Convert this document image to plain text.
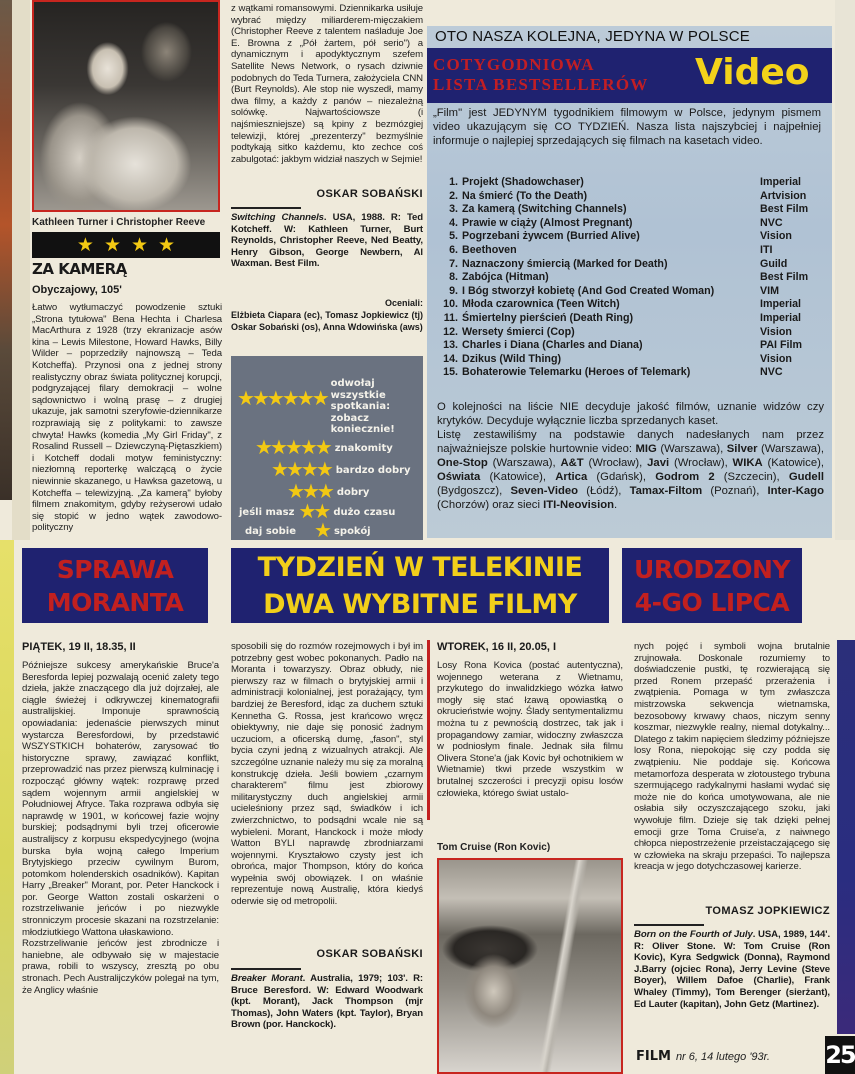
Kathleen Turner i Christopher Reeve
★ ★ ★ ★
ZA KAMERĄ
Obyczajowy, 105'
Łatwo wytłumaczyć powodzenie sztuki „Strona tytułowa" Bena Hechta i Charlesa MacArthura z 1928 (trzy ekranizacje asów kina – Lewis Milestone, Howard Hawks, Billy Wilder – poprzedziły najnowszą – Teda Kotcheffa). Przynosi ona z jednej strony realistyczny obraz świata politycznej korupcji, podgryzającej filary demokracji – wolne sądownictwo i wolną prasę – z drugiej ukazuje, jak samotni szeryfowie-dziennikarze rozprawiają się z politykami: to zawsze chwyta! Hawks (komedia „My Girl Friday", z Rosalind Russell – Dziewczyną-Piętaszkiem) i Kotcheff dodali motyw feministyczny: niezłomną reporterkę walczącą o życie niewinnie skazanego, u Hawksa gazetową, u Kotcheffa – telewizyjną. „Za kamerą" byłoby filmem znakomitym, gdyby reżyserowi udało się stopić w jedno wątek zawodowo-polityczny
z wątkami romansowymi. Dziennikarka usiłuje wybrać między miliarderem-mięczakiem (Christopher Reeve z talentem naśladuje Joe E. Browna z „Pół żartem, pół serio") a dynamicznym i apodyktycznym szefem Satellite News Network, o rysach dziwnie podobnych do Teda Turnera, założyciela CNN (Burt Reynolds). Ale stop nie wyszedł, mamy dwa filmy, a każdy z panów – niezależną solówkę. Najwartościowsze (i najśmieszniejsze) są kpiny z bezmózgiej telewizji, której „prezenterzy" bezmyślnie podtykają sitko każdemu, kto zechce coś zabulgotać: jakbym widział naszych w Sejmie!
OSKAR SOBAŃSKI
Switching Channels. USA, 1988. R: Ted Kotcheff. W: Kathleen Turner, Burt Reynolds, Christopher Reeve, Ned Beatty, Henry Gibson, George Newbern, Al Waxman. Best Film.
Oceniali:
Elżbieta Ciapara (ec), Tomasz Jopkiewicz (tj) Oskar Sobański (os), Anna Wdowińska (aws)
★★★★★★
odwołaj wszystkie spotkania: zobacz koniecznie!
★★★★★ znakomity
★★★★ bardzo dobry
★★★ dobry
jeśli masz ★★ dużo czasu
daj sobie ★ spokój
OTO NASZA KOLEJNA, JEDYNA W POLSCE
COTYGODNIOWA
LISTA BESTSELLERÓW Video
„Film" jest JEDYNYM tygodnikiem filmowym w Polsce, jedynym pismem video ukazującym się CO TYDZIEŃ. Nasza lista najszybciej i najpełniej informuje o najlepiej sprzedających się filmach na kasetach video.
1. Projekt (Shadowchaser)	Imperial
2. Na śmierć (To the Death)	Artvision
3. Za kamerą (Switching Channels)	Best Film
4. Prawie w ciąży (Almost Pregnant)	NVC
5. Pogrzebani żywcem (Burried Alive)	Vision
6. Beethoven	ITI
7. Naznaczony śmiercią (Marked for Death)	Guild
8. Zabójca (Hitman)	Best Film
9. I Bóg stworzył kobietę (And God Created Woman)	VIM
10. Młoda czarownica (Teen Witch)	Imperial
11. Śmiertelny pierścień (Death Ring)	Imperial
12. Wersety śmierci (Cop)	Vision
13. Charles i Diana (Charles and Diana)	PAI Film
14. Dzikus (Wild Thing)	Vision
15. Bohaterowie Telemarku (Heroes of Telemark)	NVC
O kolejności na liście NIE decyduje jakość filmów, uznanie widzów czy krytyków. Decyduje wyłącznie liczba sprzedanych kaset.
Listę zestawiliśmy na podstawie danych nadesłanych nam przez najważniejsze polskie hurtownie video: MIG (Warszawa), Silver (Warszawa), One-Stop (Warszawa), A&T (Wrocław), Javi (Wrocław), WIKA (Katowice), Oświata (Katowice), Artica (Gdańsk), Godrom 2 (Szczecin), Gudell (Bydgoszcz), Seven-Video (Łódź), Tamax-Filtom (Poznań), Inter-Kago (Chorzów) oraz sieci ITI-Neovision.
SPRAWA
MORANTA
TYDZIEŃ W TELEKINIE
DWA WYBITNE FILMY
URODZONY
4-GO LIPCA
PIĄTEK, 19 II, 18.35, II
Późniejsze sukcesy amerykańskie Bruce'a Beresforda lepiej pozwalają ocenić zalety tego dzieła, jakże znaczącego dla już dojrzałej, ale ciągle świeżej i odkrywczej kinematografii australijskiej. Imponuje sprawnością opowiadania: jedenaście pierwszych minut wystarcza Beresfordowi, by przedstawić WSZYSTKICH bohaterów, zarysować tło historyczne sprawy, zawiązać konflikt, przeprowadzić nas przez pierwszą kulminację i rozpocząć główny wątek: rozprawę przed sądem wojennym armii angielskiej w Południowej Afryce. Taka rozprawa odbyła się naprawdę w 1901, w końcowej fazie wojny burskiej; podsądnymi byli trzej oficerowie australijscy z korpusu ekspedycyjnego (wojna burska była wojną całego Imperium Brytyjskiego przeciw cywilnym Burom, potomkom holenderskich osadników). Kapitan Harry „Breaker" Morant, por. Peter Hanckock i por. George Watton zostali oskarżeni o rozstrzeliwanie jeńców i po niezwykle stronniczym procesie skazani na rozstrzelanie: młodziutkiego Wattona ułaskawiono.
Rozstrzeliwanie jeńców jest zbrodnicze i haniebne, ale odbywało się w majestacie prawa, robili to wszyscy, zresztą po obu stronach. Pech Australijczyków polegał na tym, że Anglicy właśnie
sposobili się do rozmów rozejmowych i był im potrzebny gest wobec pokonanych. Padło na Moranta i towarzyszy. Obraz obłudy, nie pierwszy raz w filmach o brytyjskiej armii i administracji kolonialnej, jest porażający, tym bardziej że Beresford, idąc za duchem sztuki Kennetha G. Rossa, jest krańcowo wręcz obiektywny, nie daje się ponosić żadnym uczuciom, a oficerską dumę, „fason", styl bycia czyni jedną z wizualnych atrakcji. Ale szczególne uznanie należy mu się za moralną konstrukcję dzieła. Jeśli bowiem „czarnym charakterem" filmu jest zbiorowy militarystyczny duch angielskiej armii ucieleśniony przez sąd, świadków i ich zwierzchnictwo, to podsądni wcale nie są wybieleni. Morant, Hanckock i może młody Watton BYLI naprawdę zbrodniarzami wojennymi. Kryształowo czysty jest ich obrońca, major Thompson, który do końca wypełnia swój obowiązek. I on właśnie reprezentuje nową Australię, która kiedyś oderwie się od metropolii.
OSKAR SOBAŃSKI
Breaker Morant. Australia, 1979; 103'. R: Bruce Beresford. W: Edward Woodwark (kpt. Morant), Jack Thompson (mjr Thomas), John Waters (kpt. Taylor), Bryan Brown (por. Hanckock).
WTOREK, 16 II, 20.05, I
Losy Rona Kovica (postać autentyczna), wojennego weterana z Wietnamu, przykutego do inwalidzkiego wózka łatwo mogły się stać łzawą opowiastką o okrucieństwie wojny. Ślady sentymentalizmu można tu z pewnością dostrzec, tak jak i propagandowy zamiar, widoczny zwłaszcza w podniosłym finale. Jednak siła filmu Olivera Stone'a (jak Kovic był ochotnikiem w Wietnamie) tkwi przede wszystkim w brutalnej szczerości i precyzji opisu losów człowieka, którego świat ustalo-
Tom Cruise (Ron Kovic)
nych pojęć i symboli wojna brutalnie zrujnowała. Doskonale rozumiemy to doświadczenie pustki, tę rozwierającą się przed Ronem przepaść przerażenia i zwątpienia. Pomaga w tym zwłaszcza mistrzowska sekwencja wietnamska, bezosobowy krwawy chaos, niczym senny koszmar, niezwykle realny, niemal dotykalny... Dlatego z takim napięciem śledzimy późniejsze losy Rona, niepokojąc się czy podda się zwątpieniu. Nie poddaje się. Końcowa metamorfoza desperata w złotoustego trybuna szermującego radykalnymi hasłami wydać się może nie do końca umotywowana, ale nie osłabia siły oczyszczającego szoku, jaki wywołuje film. Dzieje się tak dzięki pełnej emocji grze Toma Cruise'a, z naiwnego chłopca niepostrzeżenie przeistaczającego się w człowieka na skraju przepaści. To najlepsza kreacja w jego dotychczasowej karierze.
TOMASZ JOPKIEWICZ
Born on the Fourth of July. USA, 1989, 144'. R: Oliver Stone. W: Tom Cruise (Ron Kovic), Kyra Sedgwick (Donna), Raymond J.Barry (ojciec Rona), Jerry Levine (Steve Boyer), Willem Dafoe (Charlie), Frank Whaley (Timmy), Tom Berenger (sierżant), Ed Lauter (kapitan), John Getz (Martinez).
FILM nr 6, 14 lutego '93r. 25
